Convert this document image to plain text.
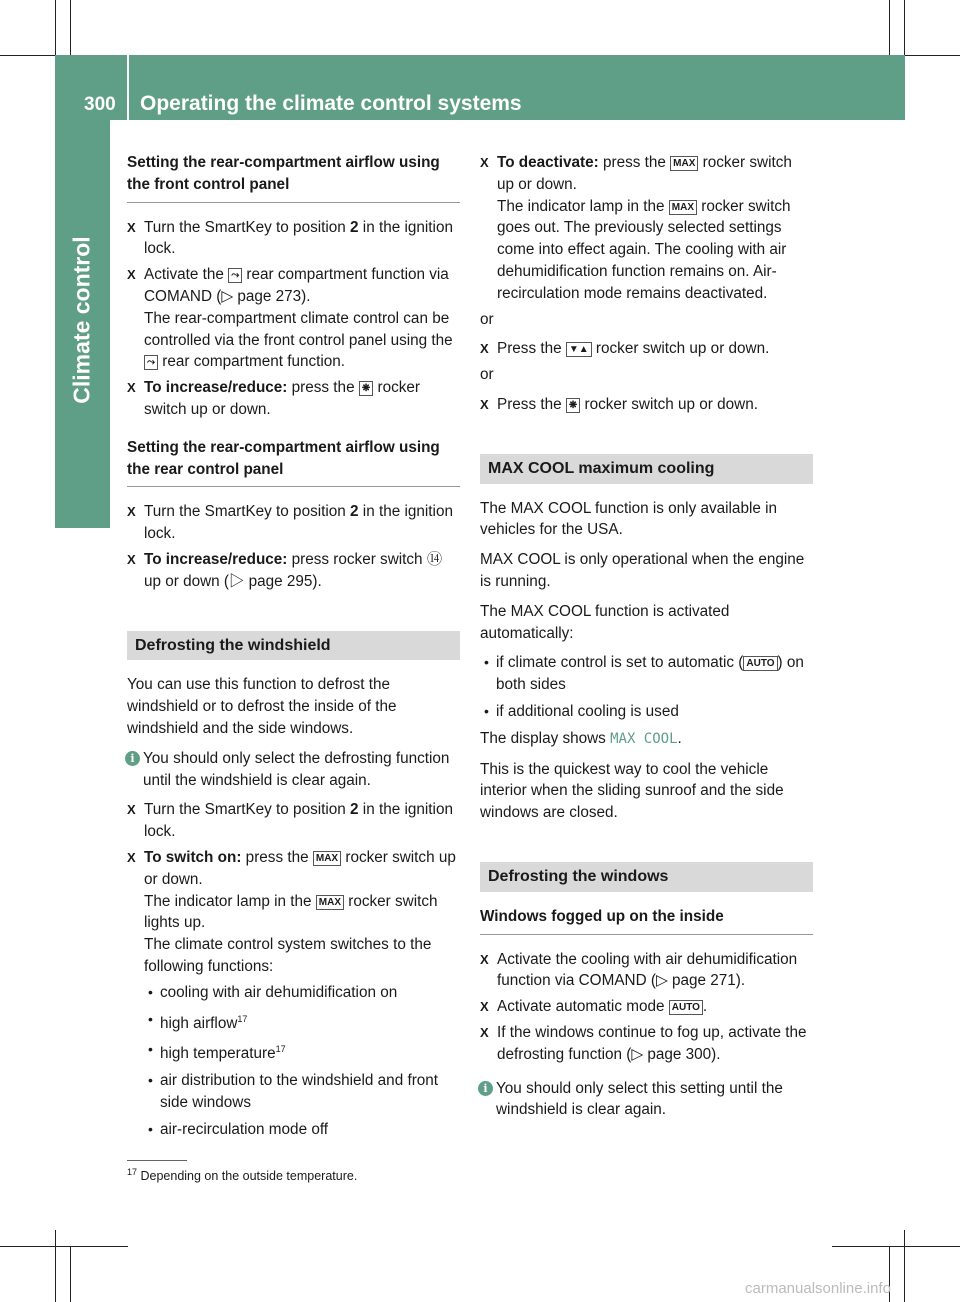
300 Operating the climate control systems
Climate control

Setting the rear-compartment airflow using the front control panel

X Turn the SmartKey to position 2 in the ignition lock.

X Activate the ⤳ rear compartment function via COMAND (▷ page 273).
The rear-compartment climate control can be controlled via the front control panel using the ⤳ rear compartment function.

X To increase/reduce: press the ❋ rocker switch up or down.

Setting the rear-compartment airflow using the rear control panel

X Turn the SmartKey to position 2 in the ignition lock.

X To increase/reduce: press rocker switch ⑭ up or down (▷ page 295).

Defrosting the windshield

You can use this function to defrost the windshield or to defrost the inside of the windshield and the side windows.

i You should only select the defrosting function until the windshield is clear again.

X Turn the SmartKey to position 2 in the ignition lock.

X To switch on: press the MAX rocker switch up or down.
The indicator lamp in the MAX rocker switch lights up.
The climate control system switches to the following functions:

• cooling with air dehumidification on

• high airflow$^{17}$

• high temperature$^{17}$

• air distribution to the windshield and front side windows

• air-recirculation mode off

X To deactivate: press the MAX rocker switch up or down.
The indicator lamp in the MAX rocker switch goes out. The previously selected settings come into effect again. The cooling with air dehumidification function remains on. Air-recirculation mode remains deactivated.

or

X Press the ▼▲ rocker switch up or down.

or

X Press the ❋ rocker switch up or down.

MAX COOL maximum cooling

The MAX COOL function is only available in vehicles for the USA.

MAX COOL is only operational when the engine is running.

The MAX COOL function is activated automatically:

• if climate control is set to automatic ( AUTO ) on both sides

• if additional cooling is used

The display shows MAX COOL.

This is the quickest way to cool the vehicle interior when the sliding sunroof and the side windows are closed.

Defrosting the windows

Windows fogged up on the inside

X Activate the cooling with air dehumidification function via COMAND (▷ page 271).

X Activate automatic mode AUTO .

X If the windows continue to fog up, activate the defrosting function (▷ page 300).

i You should only select this setting until the windshield is clear again.

$^{17}$ Depending on the outside temperature.
carmanualsonline.info
